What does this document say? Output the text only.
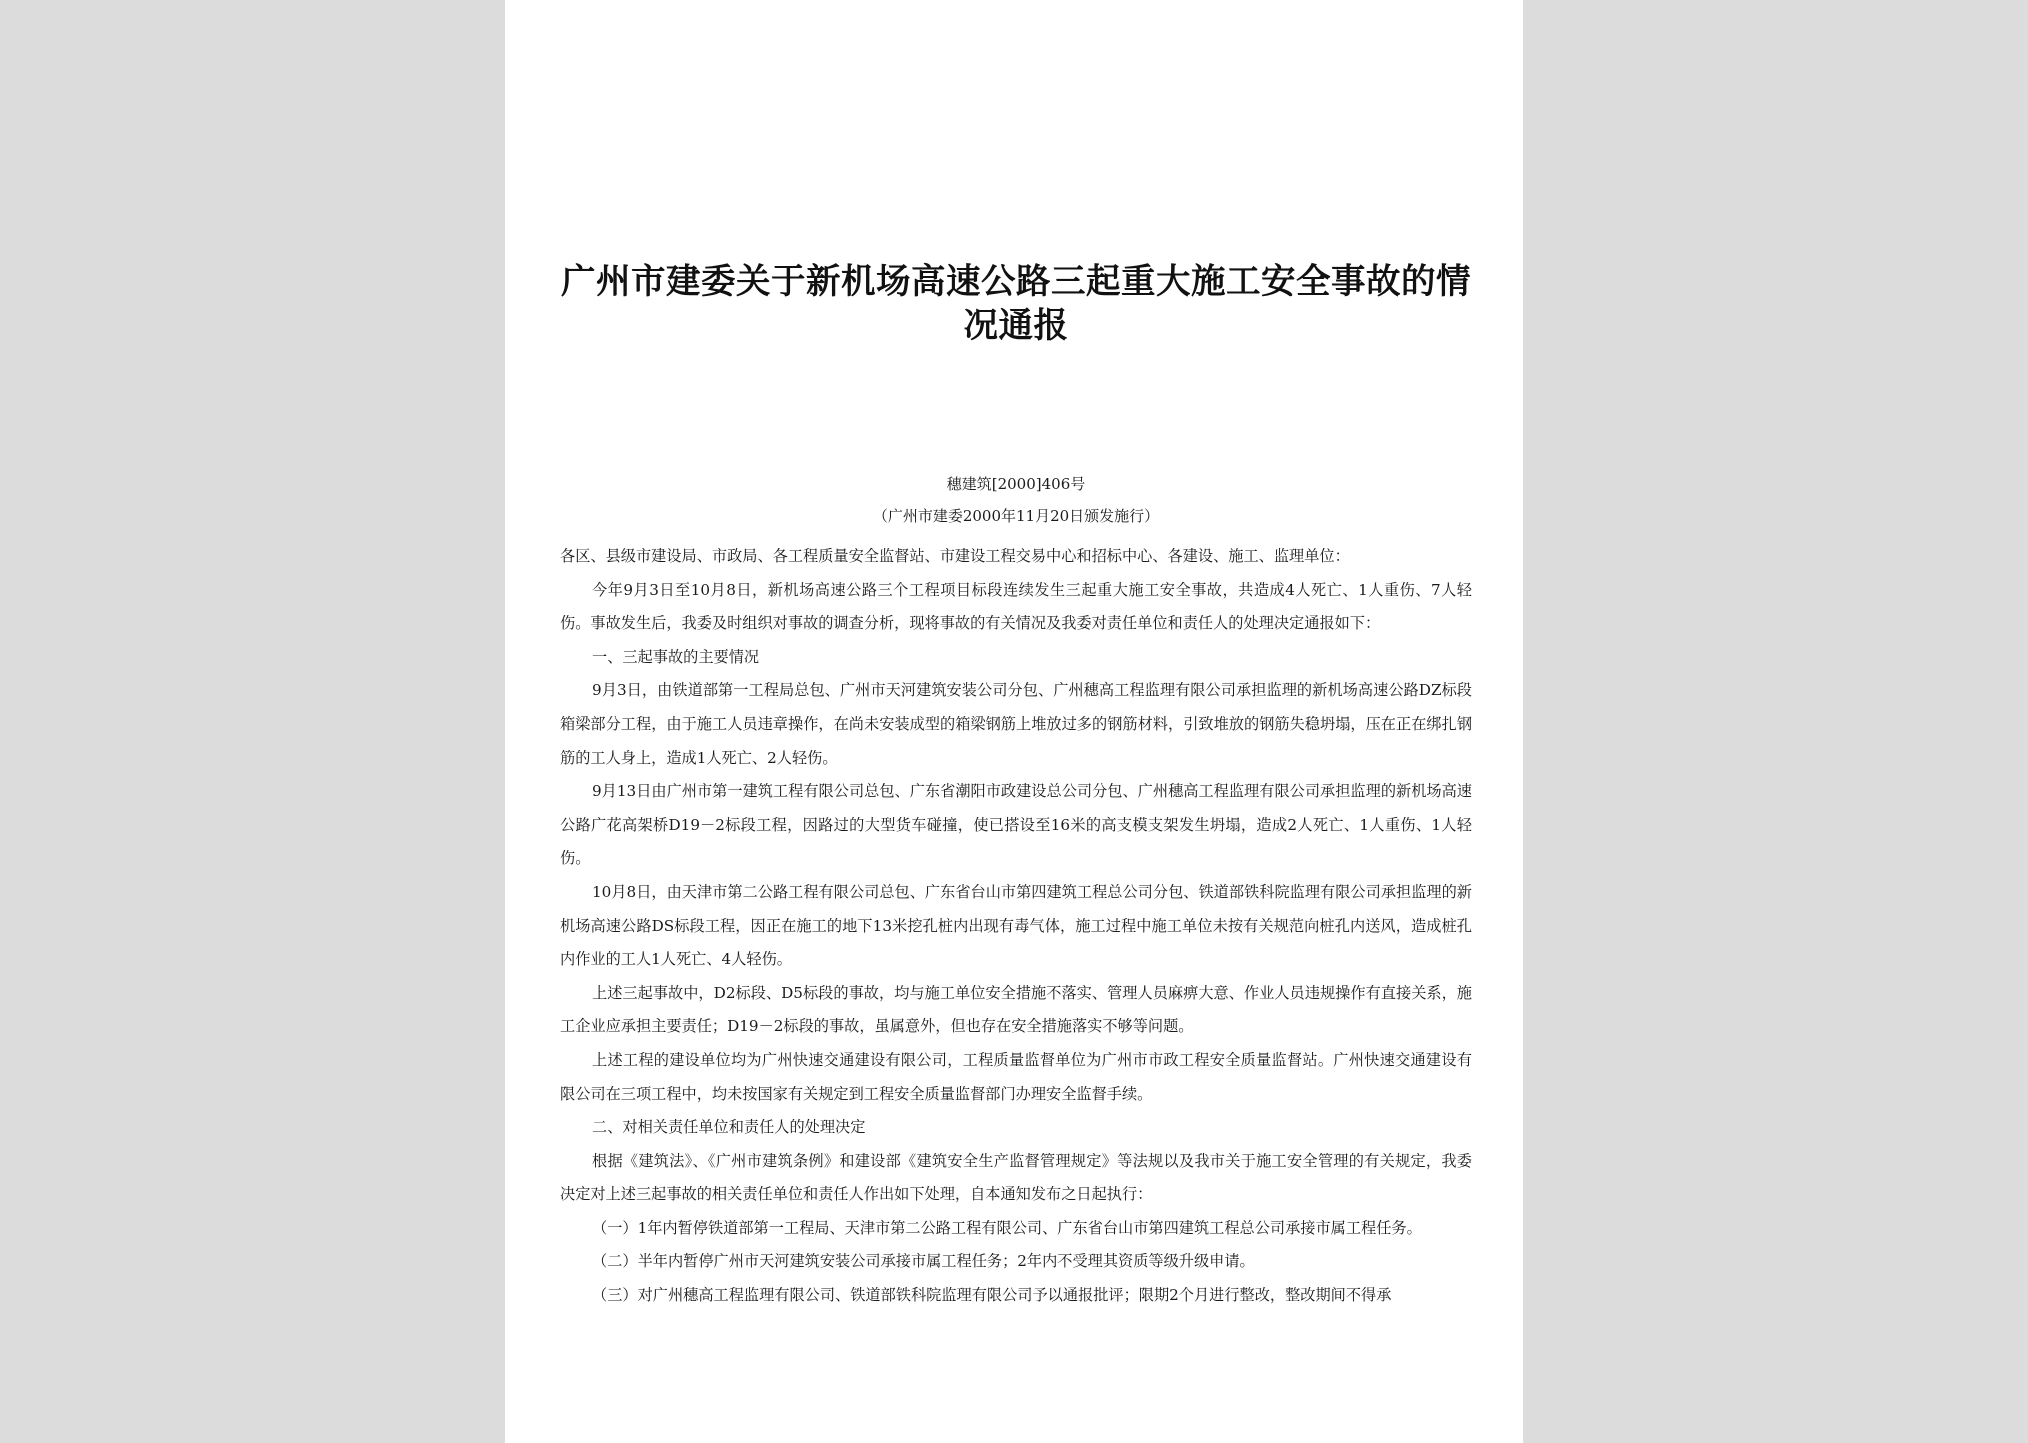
广州市建委关于新机场高速公路三起重大施工安全事故的情况通报
穗建筑[2000]406号
（广州市建委2000年11月20日颁发施行）

各区、县级市建设局、市政局、各工程质量安全监督站、市建设工程交易中心和招标中心、各建设、施工、监理单位：

今年9月3日至10月8日，新机场高速公路三个工程项目标段连续发生三起重大施工安全事故，共造成4人死亡、1人重伤、7人轻伤。事故发生后，我委及时组织对事故的调查分析，现将事故的有关情况及我委对责任单位和责任人的处理决定通报如下：

一、三起事故的主要情况

9月3日，由铁道部第一工程局总包、广州市天河建筑安装公司分包、广州穗高工程监理有限公司承担监理的新机场高速公路DZ标段箱梁部分工程，由于施工人员违章操作，在尚未安装成型的箱梁钢筋上堆放过多的钢筋材料，引致堆放的钢筋失稳坍塌，压在正在绑扎钢筋的工人身上，造成1人死亡、2人轻伤。

9月13日由广州市第一建筑工程有限公司总包、广东省潮阳市政建设总公司分包、广州穗高工程监理有限公司承担监理的新机场高速公路广花高架桥D19－2标段工程，因路过的大型货车碰撞，使已搭设至16米的高支模支架发生坍塌，造成2人死亡、1人重伤、1人轻伤。

10月8日，由天津市第二公路工程有限公司总包、广东省台山市第四建筑工程总公司分包、铁道部铁科院监理有限公司承担监理的新机场高速公路DS标段工程，因正在施工的地下13米挖孔桩内出现有毒气体，施工过程中施工单位未按有关规范向桩孔内送风，造成桩孔内作业的工人1人死亡、4人轻伤。

上述三起事故中，D2标段、D5标段的事故，均与施工单位安全措施不落实、管理人员麻痹大意、作业人员违规操作有直接关系，施工企业应承担主要责任；D19－2标段的事故，虽属意外，但也存在安全措施落实不够等问题。

上述工程的建设单位均为广州快速交通建设有限公司，工程质量监督单位为广州市市政工程安全质量监督站。广州快速交通建设有限公司在三项工程中，均未按国家有关规定到工程安全质量监督部门办理安全监督手续。

二、对相关责任单位和责任人的处理决定

根据《建筑法》、《广州市建筑条例》和建设部《建筑安全生产监督管理规定》等法规以及我市关于施工安全管理的有关规定，我委决定对上述三起事故的相关责任单位和责任人作出如下处理，自本通知发布之日起执行：

（一）1年内暂停铁道部第一工程局、天津市第二公路工程有限公司、广东省台山市第四建筑工程总公司承接市属工程任务。

（二）半年内暂停广州市天河建筑安装公司承接市属工程任务；2年内不受理其资质等级升级申请。

（三）对广州穗高工程监理有限公司、铁道部铁科院监理有限公司予以通报批评；限期2个月进行整改，整改期间不得承
